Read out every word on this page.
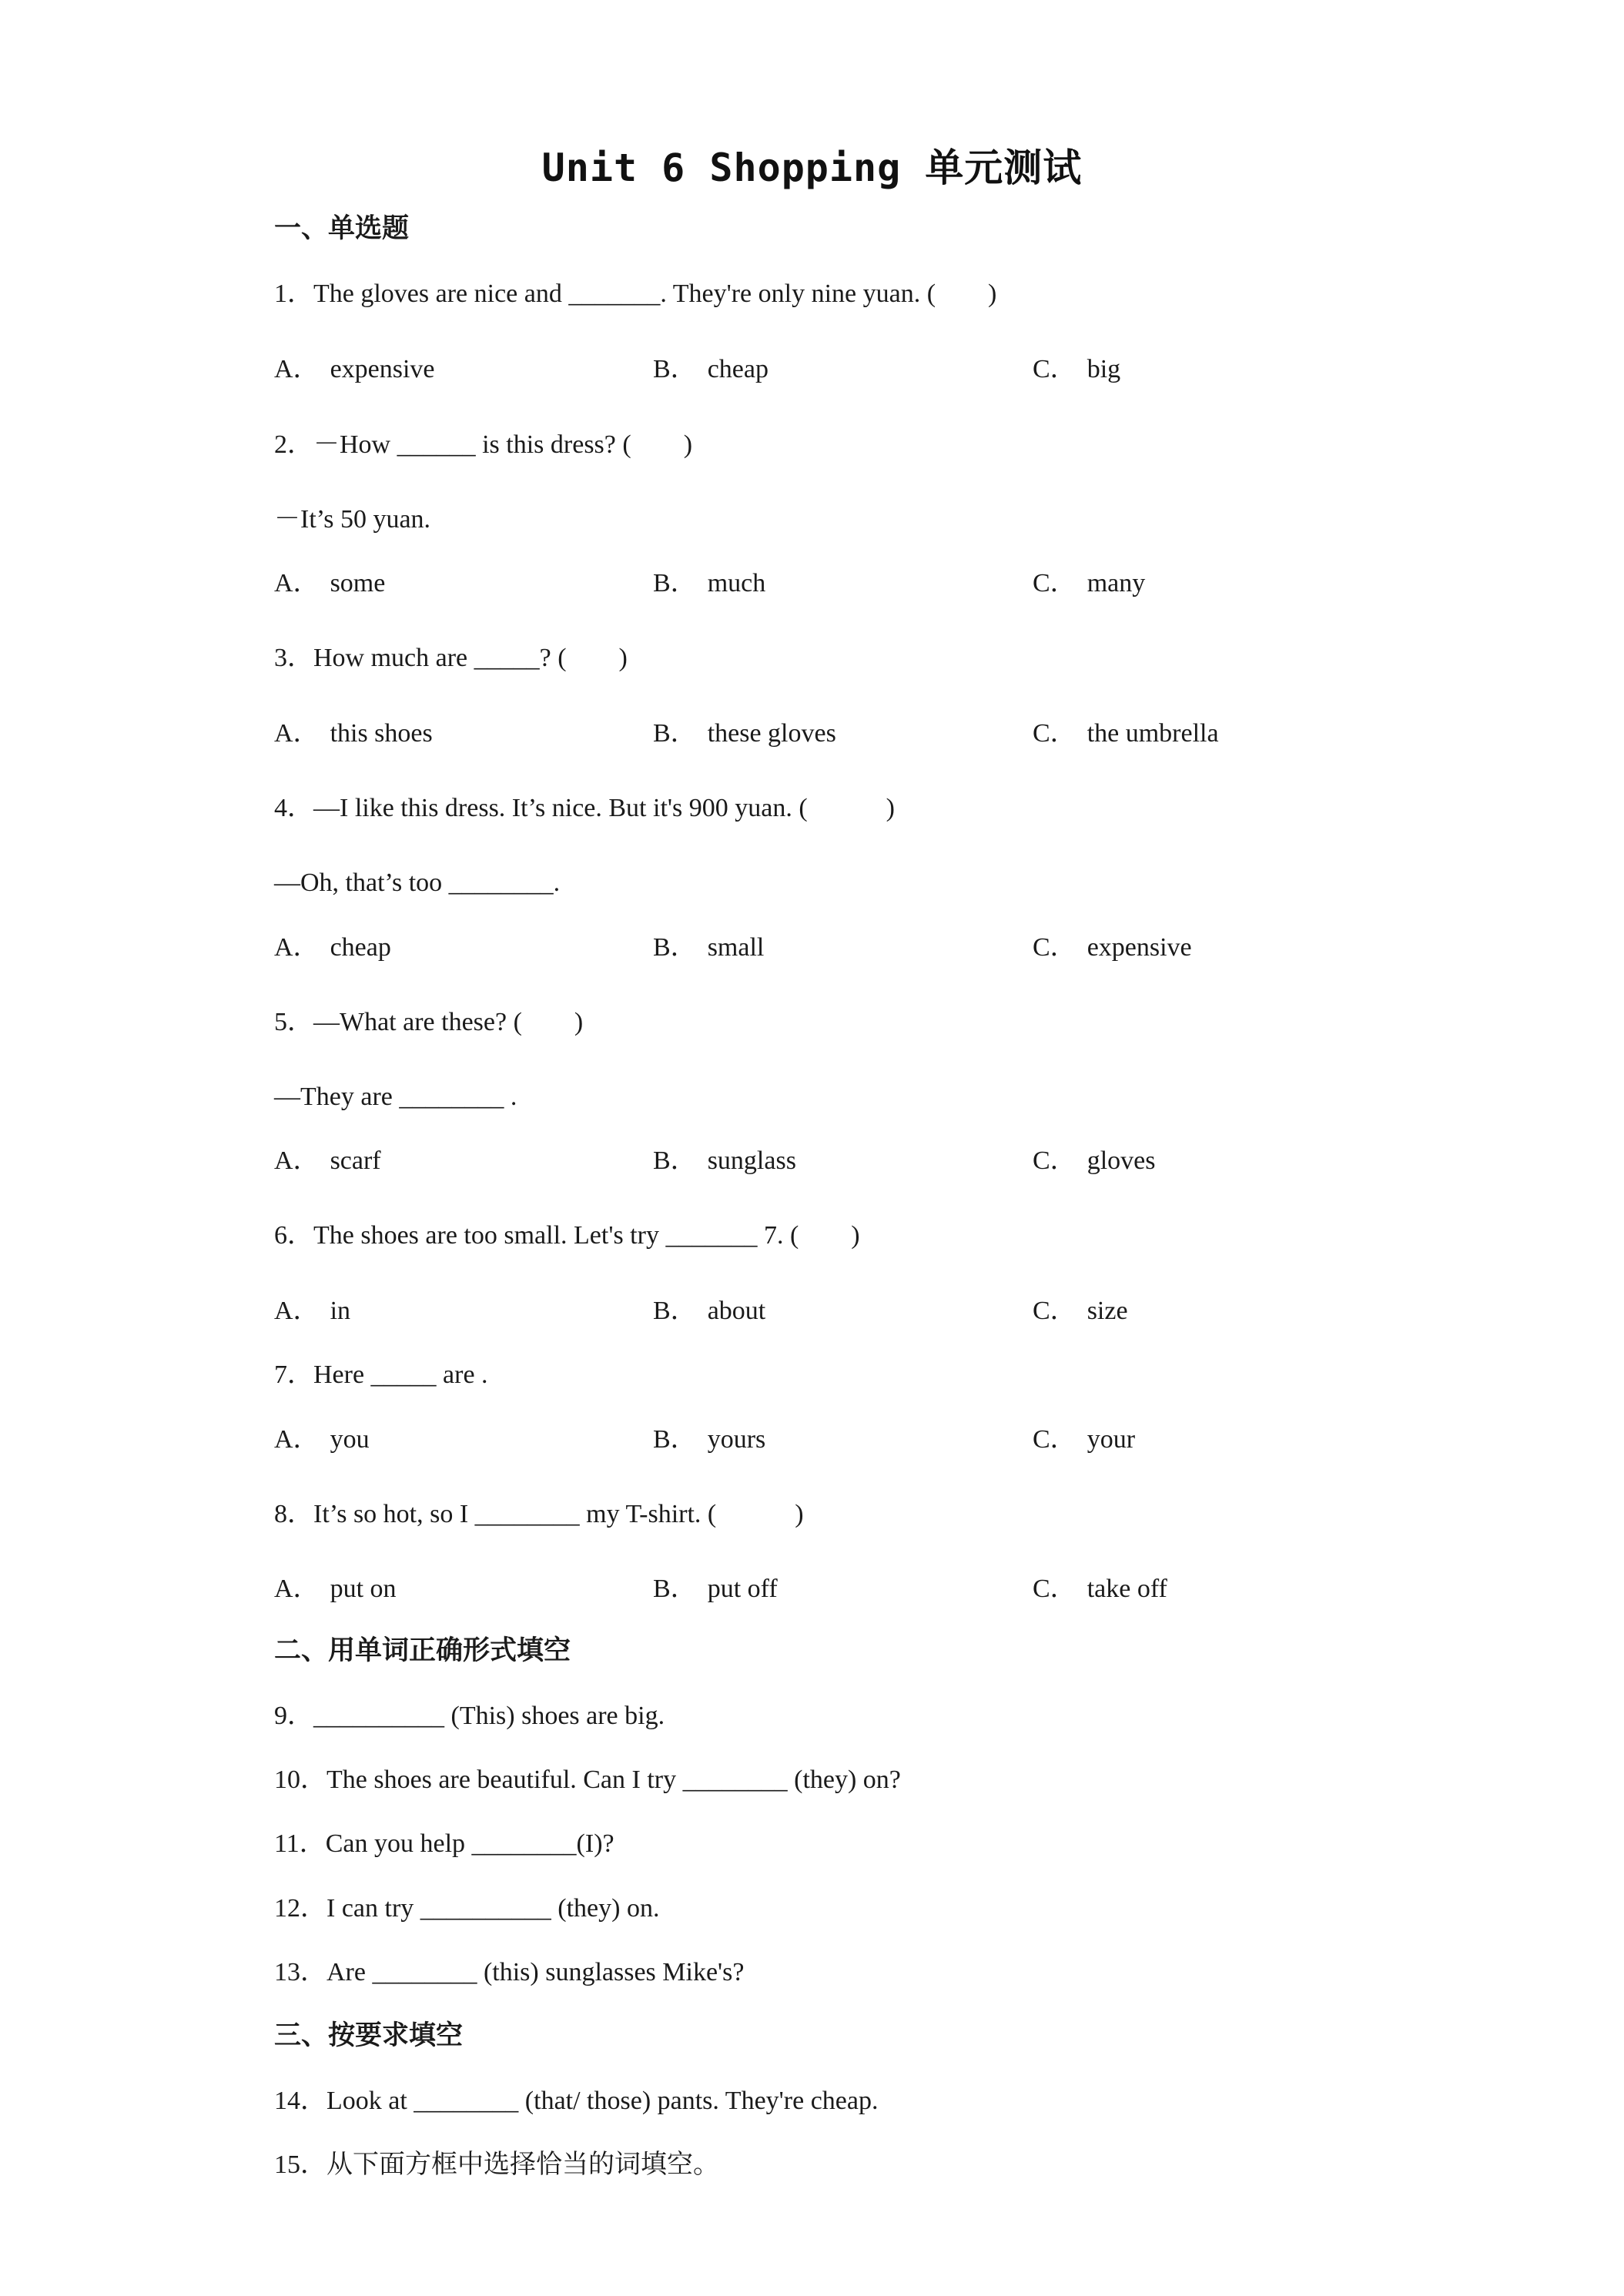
Unit 6 Shopping 单元测试
一、单选题
1．The gloves are nice and _______. They're only nine yuan. (　　)
A． expensive	B． cheap	C． big
2．－How ______ is this dress? (　　)
－It’s 50 yuan.
A． some	B． much	C． many
3．How much are _____? (　　)
A． this shoes	B． these gloves	C． the umbrella
4．—I like this dress. It’s nice. But it's 900 yuan. (　　　)
—Oh, that’s too ________.
A． cheap	B． small	C． expensive
5．—What are these? (　　)
—They are ________ .
A． scarf	B． sunglass	C． gloves
6．The shoes are too small. Let's try _______ 7. (　　)
A． in	B． about	C． size
7．Here _____ are .
A． you	B． yours	C． your
8．It’s so hot, so I ________ my T-shirt. (　　　)
A． put on	B． put off	C． take off
二、用单词正确形式填空
9．__________ (This) shoes are big.
10．The shoes are beautiful. Can I try ________ (they) on?
11．Can you help ________(I)?
12．I can try __________ (they) on.
13．Are ________ (this) sunglasses Mike's?
三、按要求填空
14．Look at ________ (that/ those) pants. They're cheap.
15．从下面方框中选择恰当的词填空。
